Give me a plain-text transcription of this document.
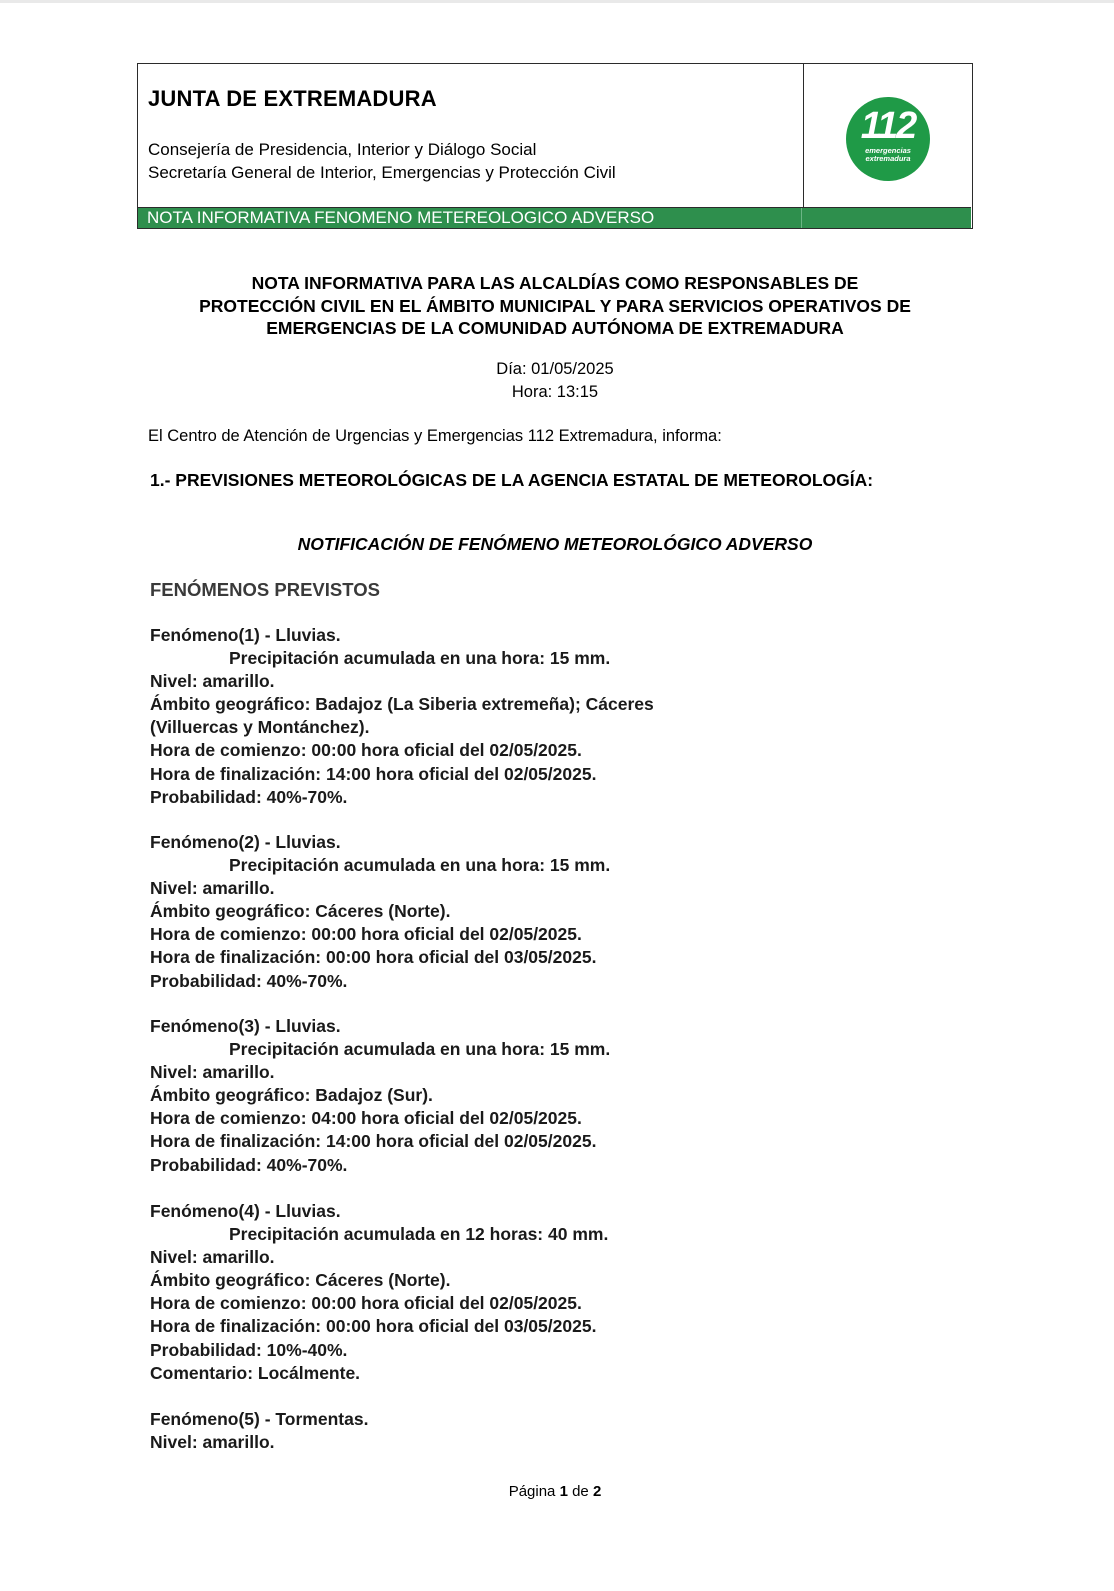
JUNTA DE EXTREMADURA
Consejería de Presidencia, Interior y Diálogo Social
Secretaría General de Interior, Emergencias y Protección Civil
112
emergencias
extremadura
NOTA INFORMATIVA FENOMENO METEREOLOGICO ADVERSO
NOTA INFORMATIVA PARA LAS ALCALDÍAS COMO RESPONSABLES DE
PROTECCIÓN CIVIL EN EL ÁMBITO MUNICIPAL Y PARA SERVICIOS OPERATIVOS DE
EMERGENCIAS DE LA COMUNIDAD AUTÓNOMA DE EXTREMADURA
Día: 01/05/2025
Hora: 13:15
El Centro de Atención de Urgencias y Emergencias 112 Extremadura, informa:
1.- PREVISIONES METEOROLÓGICAS DE LA AGENCIA ESTATAL DE METEOROLOGÍA:
NOTIFICACIÓN DE FENÓMENO METEOROLÓGICO ADVERSO
FENÓMENOS PREVISTOS
Fenómeno(1) - Lluvias.
Precipitación acumulada en una hora: 15 mm.
Nivel: amarillo.
Ámbito geográfico: Badajoz (La Siberia extremeña); Cáceres
(Villuercas y Montánchez).
Hora de comienzo: 00:00 hora oficial del 02/05/2025.
Hora de finalización: 14:00 hora oficial del 02/05/2025.
Probabilidad: 40%-70%.
Fenómeno(2) - Lluvias.
Precipitación acumulada en una hora: 15 mm.
Nivel: amarillo.
Ámbito geográfico: Cáceres (Norte).
Hora de comienzo: 00:00 hora oficial del 02/05/2025.
Hora de finalización: 00:00 hora oficial del 03/05/2025.
Probabilidad: 40%-70%.
Fenómeno(3) - Lluvias.
Precipitación acumulada en una hora: 15 mm.
Nivel: amarillo.
Ámbito geográfico: Badajoz (Sur).
Hora de comienzo: 04:00 hora oficial del 02/05/2025.
Hora de finalización: 14:00 hora oficial del 02/05/2025.
Probabilidad: 40%-70%.
Fenómeno(4) - Lluvias.
Precipitación acumulada en 12 horas: 40 mm.
Nivel: amarillo.
Ámbito geográfico: Cáceres (Norte).
Hora de comienzo: 00:00 hora oficial del 02/05/2025.
Hora de finalización: 00:00 hora oficial del 03/05/2025.
Probabilidad: 10%-40%.
Comentario: Locálmente.
Fenómeno(5) - Tormentas.
Nivel: amarillo.
Página 1 de 2
